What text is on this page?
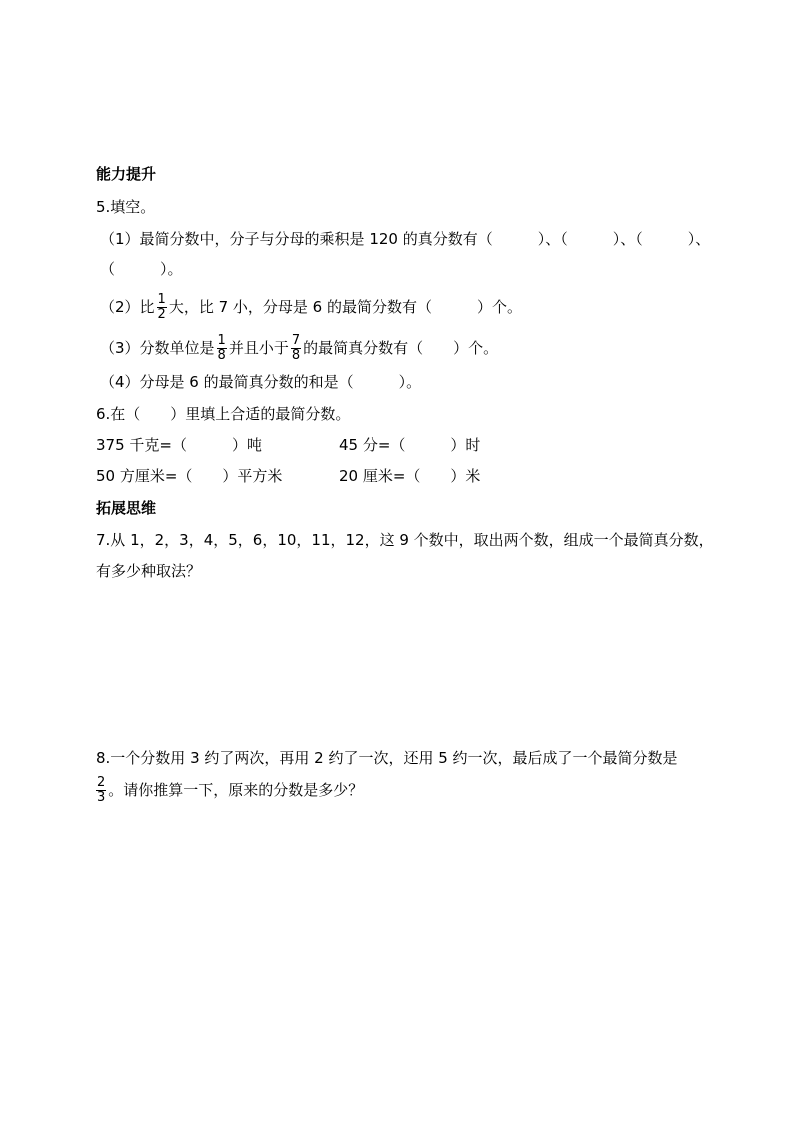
能力提升
5.填空。
（1）最简分数中，分子与分母的乘积是 120 的真分数有（　　　）、（　　　）、（　　　）、
（　　　）。
（2）比 $\frac{1}{2}$ 大，比 7 小，分母是 6 的最简分数有（　　　）个。
（3）分数单位是 $\frac{1}{8}$ 并且小于 $\frac{7}{8}$ 的最简真分数有（　　）个。
（4）分母是 6 的最简真分数的和是（　　　）。
6.在（　　）里填上合适的最简分数。
375 千克=（　　　）吨	45 分=（　　　）时
50 方厘米=（　　）平方米	20 厘米=（　　）米
拓展思维
7.从 1，2，3，4，5，6，10，11，12，这 9 个数中，取出两个数，组成一个最简真分数，
有多少种取法？
8.一个分数用 3 约了两次，再用 2 约了一次，还用 5 约一次，最后成了一个最简分数是
$\frac{2}{3}$ 。请你推算一下，原来的分数是多少？
